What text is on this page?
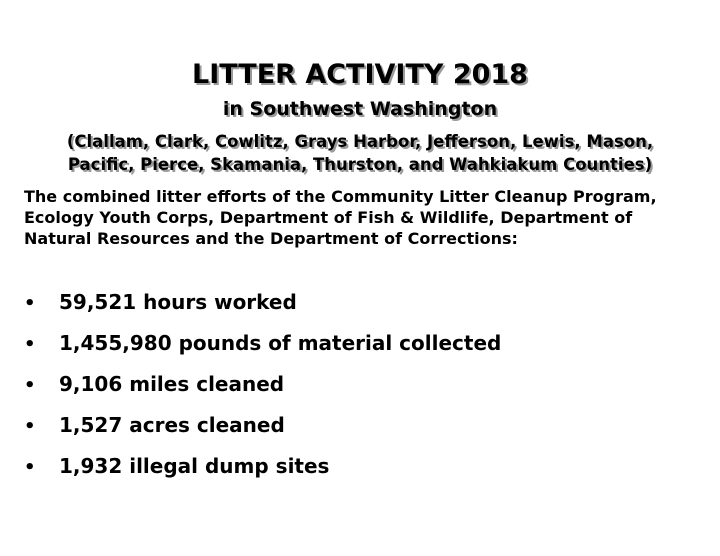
LITTER ACTIVITY 2018
in Southwest Washington

(Clallam, Clark, Cowlitz, Grays Harbor, Jefferson, Lewis, Mason,
Pacific, Pierce, Skamania, Thurston, and Wahkiakum Counties)

The combined litter efforts of the Community Litter Cleanup Program, Ecology Youth Corps, Department of Fish & Wildlife, Department of Natural Resources and the Department of Corrections:

•	59,521 hours worked
•	1,455,980 pounds of material collected
•	9,106 miles cleaned
•	1,527 acres cleaned
•	1,932 illegal dump sites
